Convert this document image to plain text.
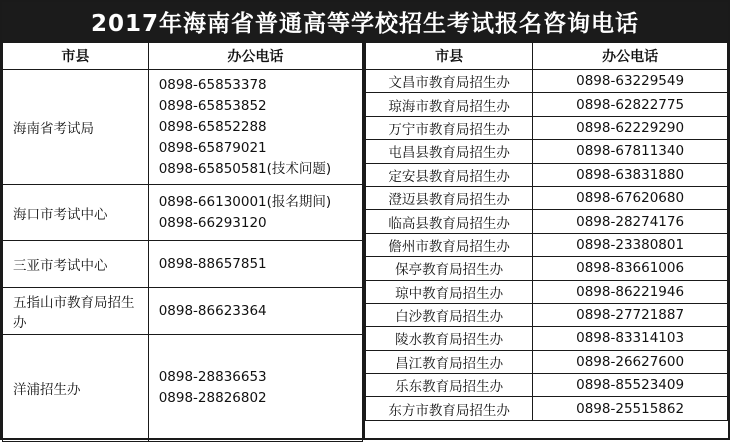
2017年海南省普通高等学校招生考试报名咨询电话
市县	办公电话
海南省考试局	0898-65853378
0898-65853852
0898-65852288
0898-65879021
0898-65850581(技术问题)

海口市考试中心	0898-66130001(报名期间)
0898-66293120

三亚市考试中心	0898-88657851

五指山市教育局招生办	0898-86623364

洋浦招生办	0898-28836653
0898-28826802
市县	办公电话
文昌市教育局招生办	0898-63229549
琼海市教育局招生办	0898-62822775
万宁市教育局招生办	0898-62229290
屯昌县教育局招生办	0898-67811340
定安县教育局招生办	0898-63831880
澄迈县教育局招生办	0898-67620680
临高县教育局招生办	0898-28274176
儋州市教育局招生办	0898-23380801
保亭教育局招生办	0898-83661006
琼中教育局招生办	0898-86221946
白沙教育局招生办	0898-27721887
陵水教育局招生办	0898-83314103
昌江教育局招生办	0898-26627600
乐东教育局招生办	0898-85523409
东方市教育局招生办	0898-25515862
